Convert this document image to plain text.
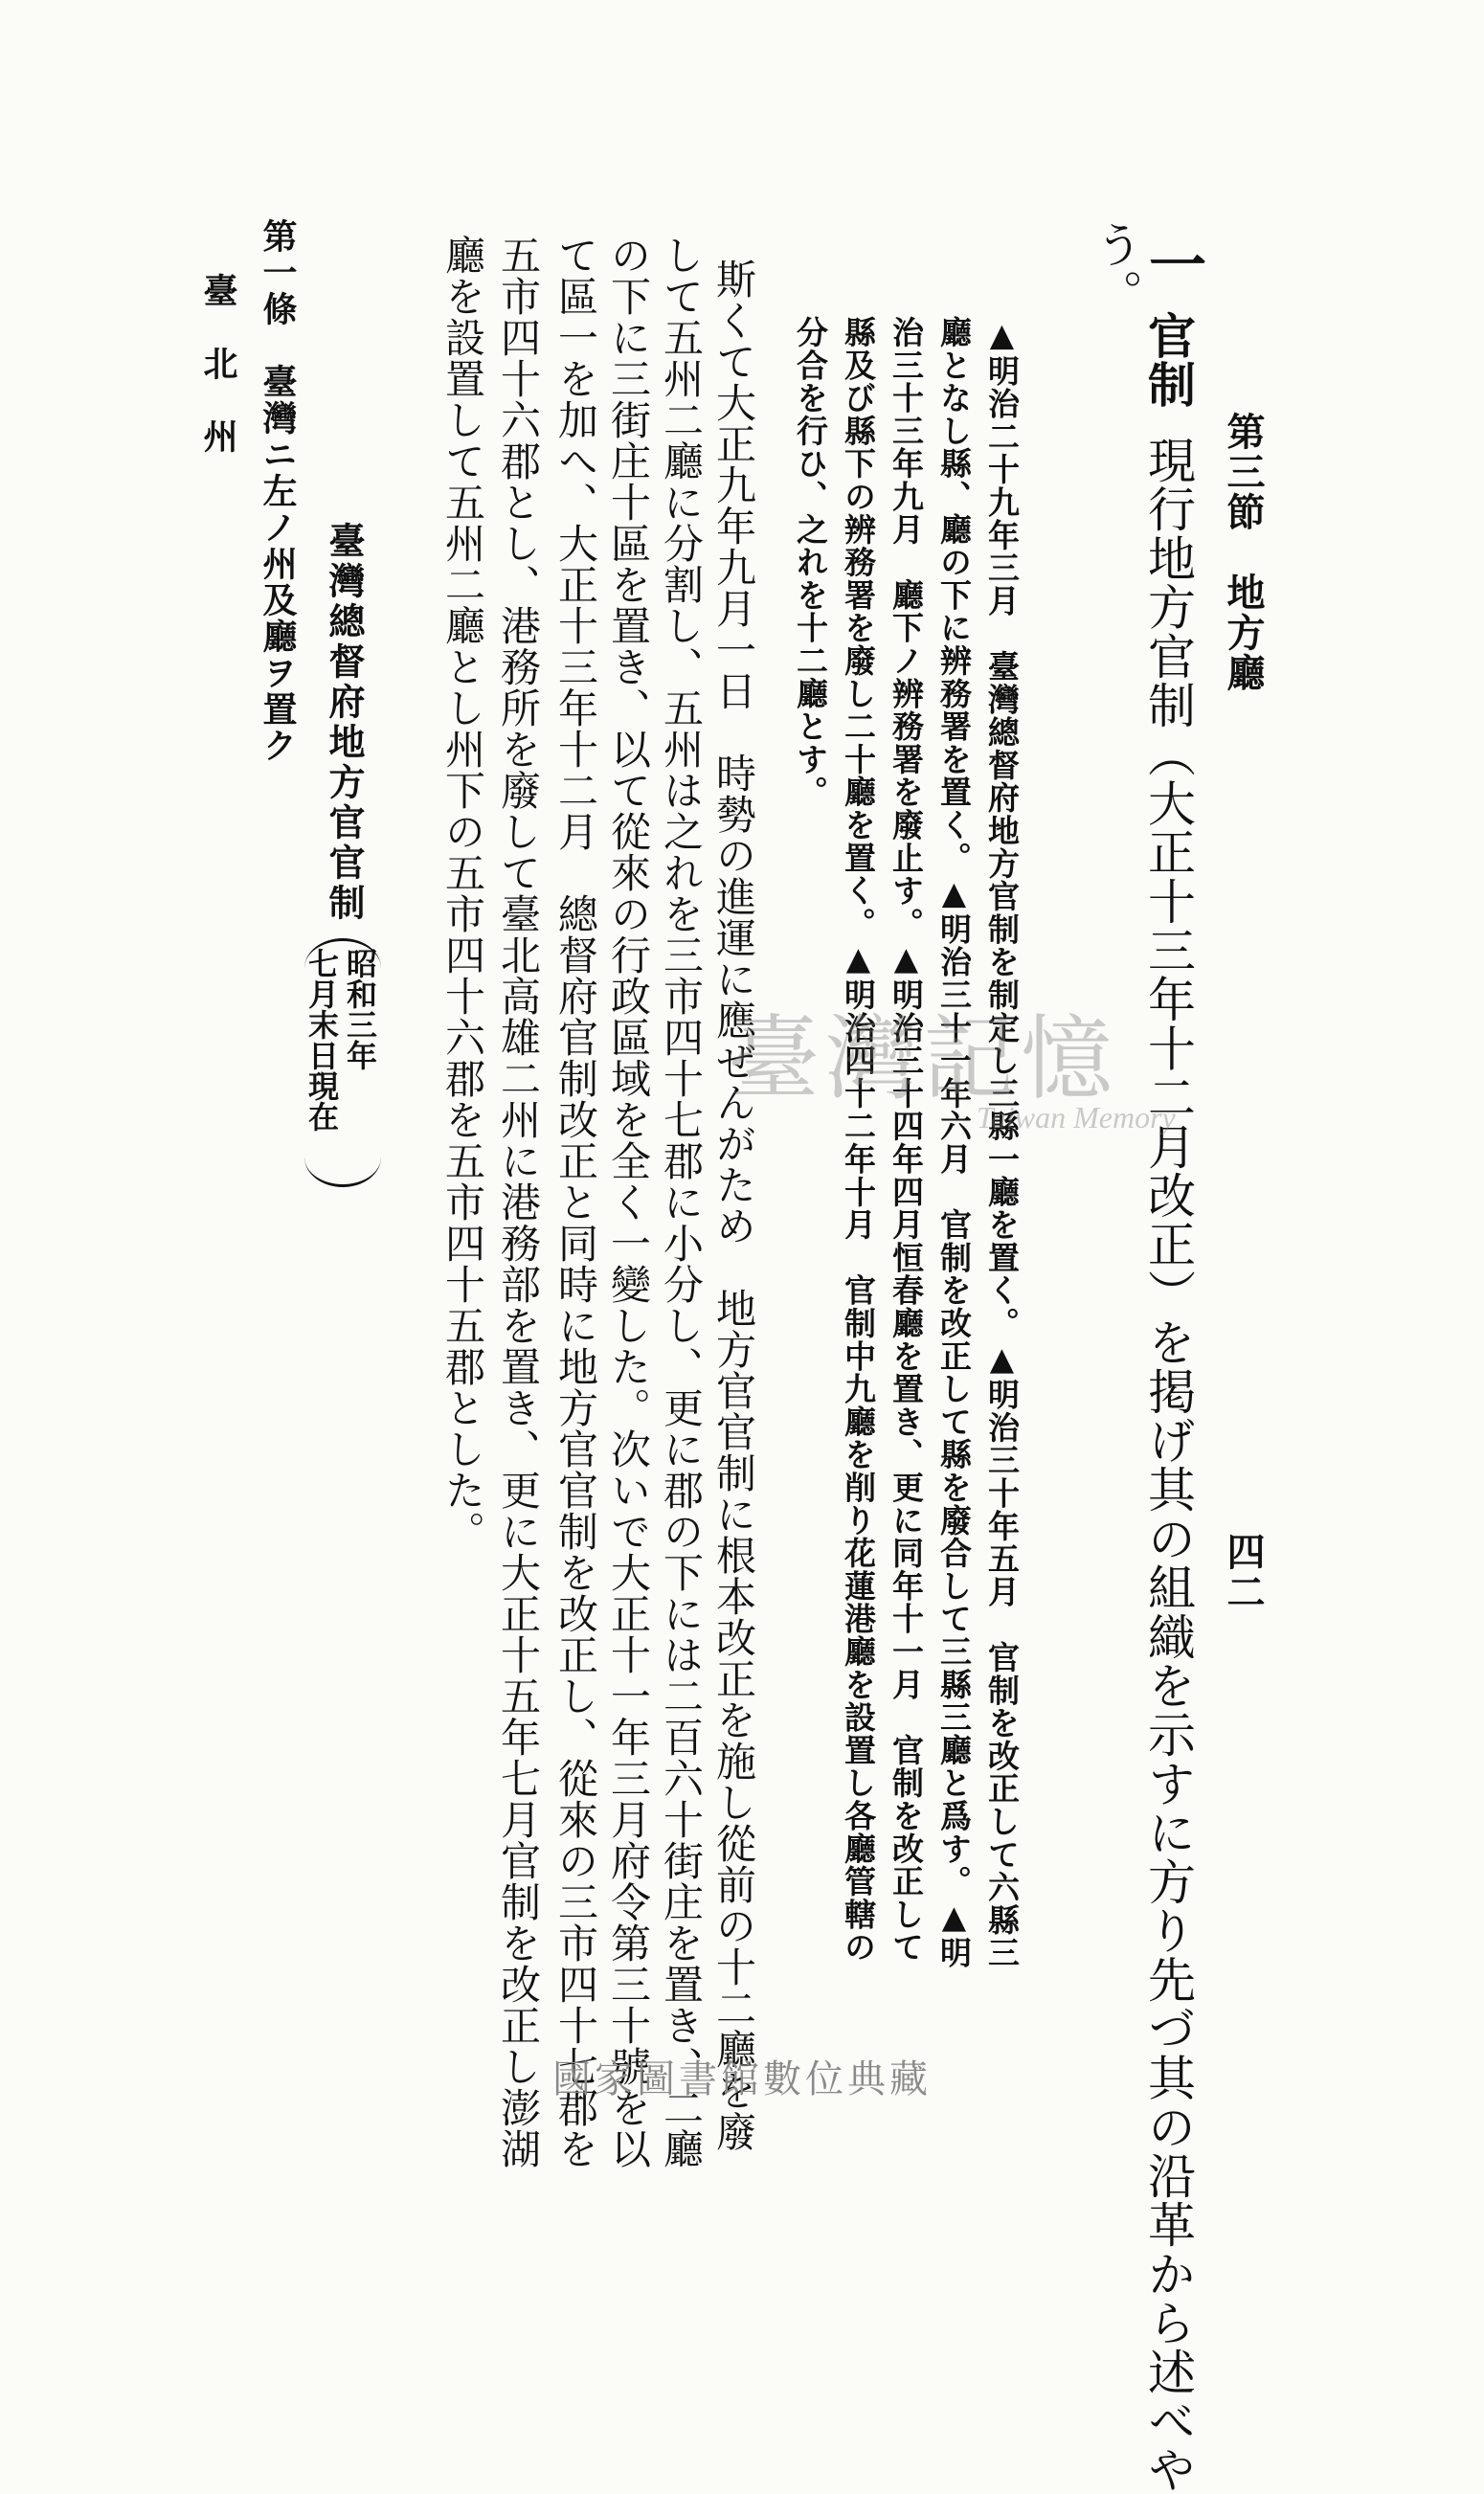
第三節　地方廳
四二
一
官制
現行地方官制（大正十三年十二月改正）を掲げ其の組織を示すに方り先づ其の沿革から述べや
う。
▲明治二十九年三月　臺灣總督府地方官制を制定し三縣一廳を置く。▲明治三十年五月　官制を改正して六縣三
廳となし縣、廳の下に辨務署を置く。▲明治三十一年六月　官制を改正して縣を廢合して三縣三廳と爲す。▲明
治三十三年九月　廳下ノ辨務署を廢止す。▲明治三十四年四月恒春廳を置き、更に同年十一月　官制を改正して
縣及び縣下の辨務署を廢し二十廳を置く。▲明治四十二年十月　官制中九廳を削り花蓮港廳を設置し各廳管轄の
分合を行ひ、之れを十二廳とす。
斯くて大正九年九月一日　時勢の進運に應ぜんがため　地方官官制に根本改正を施し從前の十二廳を廢
して五州二廳に分割し、五州は之れを三市四十七郡に小分し、更に郡の下には二百六十街庄を置き、二廳
の下に三街庄十區を置き、以て從來の行政區域を全く一變した。次いで大正十一年三月府令第三十號を以
て區一を加へ、大正十三年十二月　總督府官制改正と同時に地方官官制を改正し、從來の三市四十七郡を
五市四十六郡とし、港務所を廢して臺北高雄二州に港務部を置き、更に大正十五年七月官制を改正し澎湖
廳を設置して五州二廳とし州下の五市四十六郡を五市四十五郡とした。
臺灣總督府地方官官制
昭和三年
七月末日現在
第一條　臺灣ニ左ノ州及廳ヲ置ク
臺　北　州
臺灣記憶
Taiwan Memory
國家圖書館數位典藏
